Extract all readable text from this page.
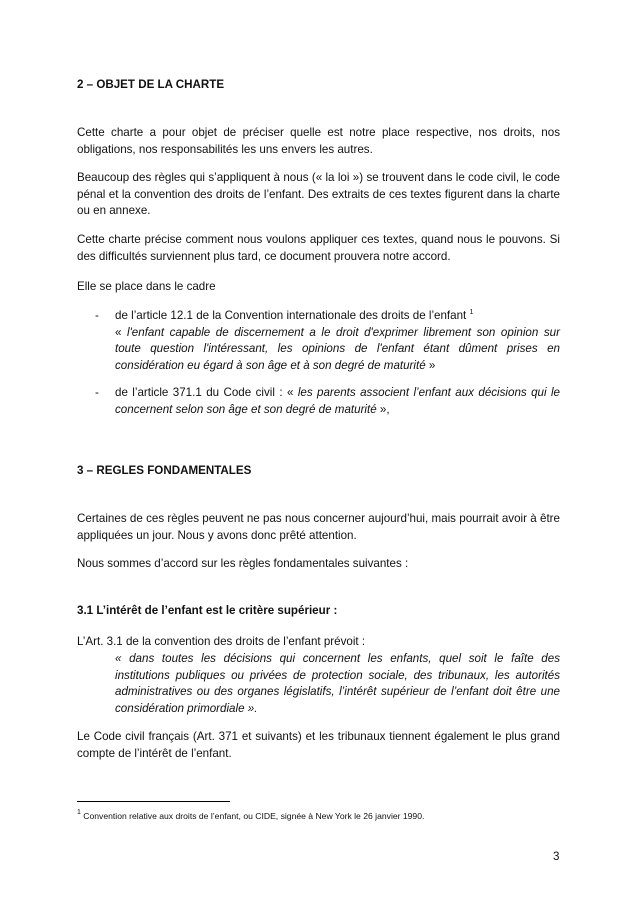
2 – OBJET DE LA CHARTE

Cette charte a pour objet de préciser quelle est notre place respective, nos droits, nos obligations, nos responsabilités les uns envers les autres.

Beaucoup des règles qui s’appliquent à nous (« la loi ») se trouvent dans le code civil, le code pénal et la convention des droits de l’enfant. Des extraits de ces textes figurent dans la charte ou en annexe.

Cette charte précise comment nous voulons appliquer ces textes, quand nous le pouvons. Si des difficultés surviennent plus tard, ce document prouvera notre accord.

Elle se place dans le cadre

- de l’article 12.1 de la Convention internationale des droits de l’enfant $^1$
« l'enfant capable de discernement a le droit d'exprimer librement son opinion sur toute question l'intéressant, les opinions de l'enfant étant dûment prises en considération eu égard à son âge et à son degré de maturité »
- de l’article 371.1 du Code civil : « les parents associent l’enfant aux décisions qui le concernent selon son âge et son degré de maturité »,
3 – REGLES FONDAMENTALES

Certaines de ces règles peuvent ne pas nous concerner aujourd’hui, mais pourrait avoir à être appliquées un jour. Nous y avons donc prêté attention.

Nous sommes d’accord sur les règles fondamentales suivantes :

3.1 L’intérêt de l’enfant est le critère supérieur :

L’Art. 3.1 de la convention des droits de l’enfant prévoit :

« dans toutes les décisions qui concernent les enfants, quel soit le faîte des institutions publiques ou privées de protection sociale, des tribunaux, les autorités administratives ou des organes législatifs, l’intérêt supérieur de l’enfant doit être une considération primordiale ».

Le Code civil français (Art. 371 et suivants) et les tribunaux tiennent également le plus grand compte de l’intérêt de l’enfant.

$^1$ Convention relative aux droits de l’enfant, ou CIDE, signée à New York le 26 janvier 1990.
3
